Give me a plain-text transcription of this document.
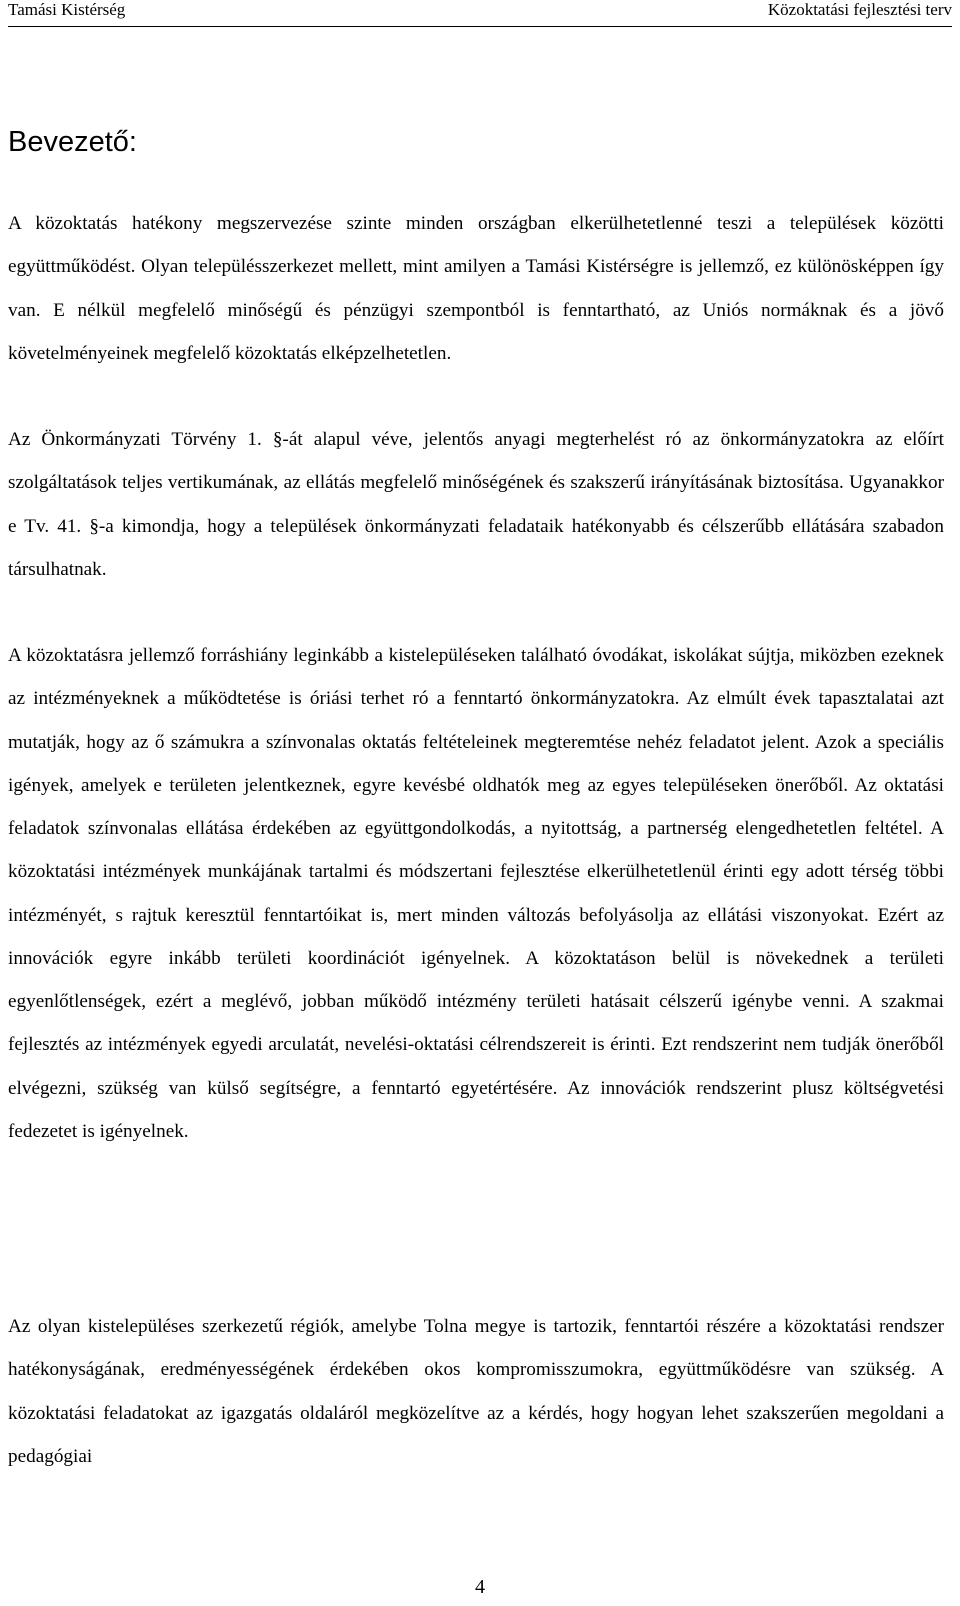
Tamási Kistérség	Közoktatási fejlesztési terv
Bevezető:

A közoktatás hatékony megszervezése szinte minden országban elkerülhetetlenné teszi a települések közötti együttműködést. Olyan településszerkezet mellett, mint amilyen a Tamási Kistérségre is jellemző, ez különösképpen így van. E nélkül megfelelő minőségű és pénzügyi szempontból is fenntartható, az Uniós normáknak és a jövő követelményeinek megfelelő közoktatás elképzelhetetlen.

Az Önkormányzati Törvény 1. §-át alapul véve, jelentős anyagi megterhelést ró az önkormányzatokra az előírt szolgáltatások teljes vertikumának, az ellátás megfelelő minőségének és szakszerű irányításának biztosítása. Ugyanakkor e Tv. 41. §-a kimondja, hogy a települések önkormányzati feladataik hatékonyabb és célszerűbb ellátására szabadon társulhatnak.

A közoktatásra jellemző forráshiány leginkább a kistelepüléseken található óvodákat, iskolákat sújtja, miközben ezeknek az intézményeknek a működtetése is óriási terhet ró a fenntartó önkormányzatokra. Az elmúlt évek tapasztalatai azt mutatják, hogy az ő számukra a színvonalas oktatás feltételeinek megteremtése nehéz feladatot jelent. Azok a speciális igények, amelyek e területen jelentkeznek, egyre kevésbé oldhatók meg az egyes településeken önerőből. Az oktatási feladatok színvonalas ellátása érdekében az együttgondolkodás, a nyitottság, a partnerség elengedhetetlen feltétel. A közoktatási intézmények munkájának tartalmi és módszertani fejlesztése elkerülhetetlenül érinti egy adott térség többi intézményét, s rajtuk keresztül fenntartóikat is, mert minden változás befolyásolja az ellátási viszonyokat. Ezért az innovációk egyre inkább területi koordinációt igényelnek. A közoktatáson belül is növekednek a területi egyenlőtlenségek, ezért a meglévő, jobban működő intézmény területi hatásait célszerű igénybe venni. A szakmai fejlesztés az intézmények egyedi arculatát, nevelési-oktatási célrendszereit is érinti. Ezt rendszerint nem tudják önerőből elvégezni, szükség van külső segítségre, a fenntartó egyetértésére. Az innovációk rendszerint plusz költségvetési fedezetet is igényelnek.

Az olyan kistelepüléses szerkezetű régiók, amelybe Tolna megye is tartozik, fenntartói részére a közoktatási rendszer hatékonyságának, eredményességének érdekében okos kompromisszumokra, együttműködésre van szükség. A közoktatási feladatokat az igazgatás oldaláról megközelítve az a kérdés, hogy hogyan lehet szakszerűen megoldani a pedagógiai

4
